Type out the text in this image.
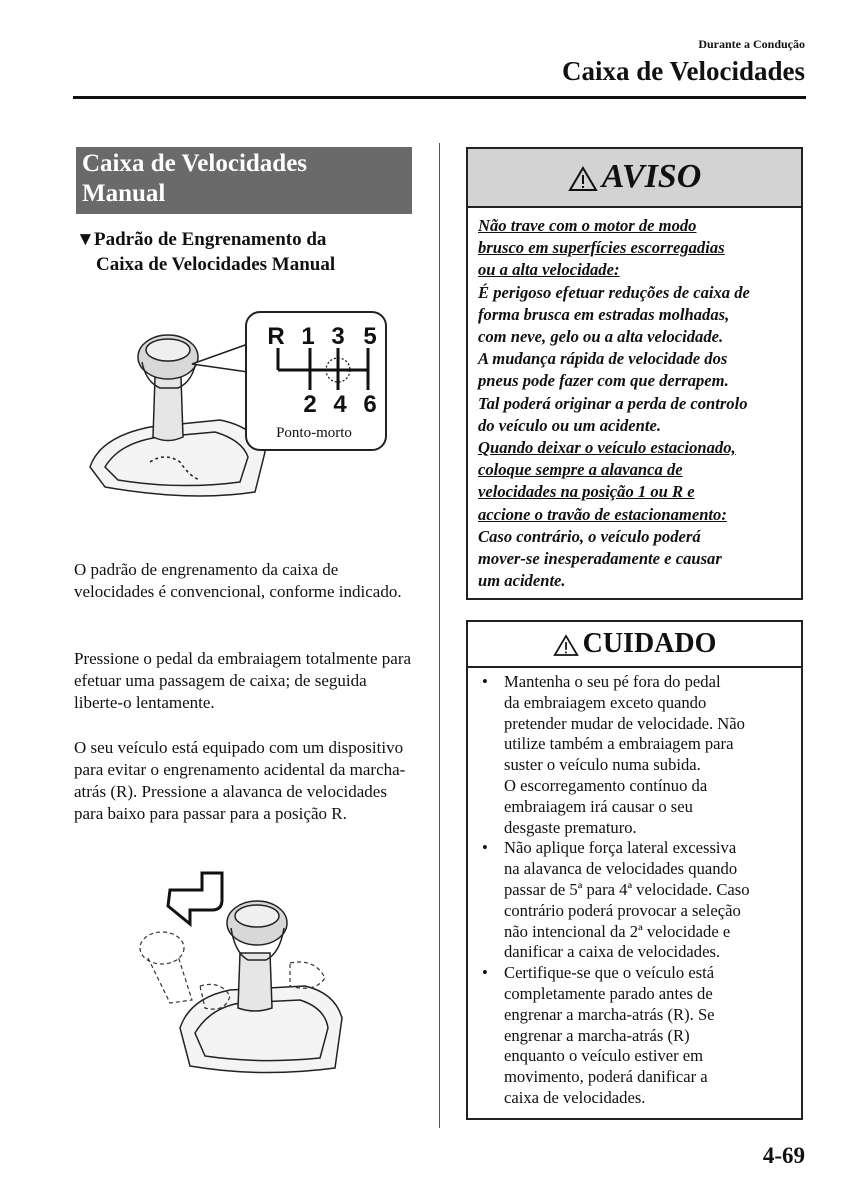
Durante a Condução
Caixa de Velocidades
Caixa de Velocidades
Manual
▼Padrão de Engrenamento da
Caixa de Velocidades Manual
R 1 3 5
2 4 6
Ponto-morto
O padrão de engrenamento da caixa de velocidades é convencional, conforme indicado.
Pressione o pedal da embraiagem totalmente para efetuar uma passagem de caixa; de seguida liberte-o lentamente.
O seu veículo está equipado com um dispositivo para evitar o engrenamento acidental da marcha-atrás (R). Pressione a alavanca de velocidades para baixo para passar para a posição R.
AVISO
Não trave com o motor de modo
brusco em superfícies escorregadias
ou a alta velocidade:
É perigoso efetuar reduções de caixa de
forma brusca em estradas molhadas,
com neve, gelo ou a alta velocidade.
A mudança rápida de velocidade dos
pneus pode fazer com que derrapem.
Tal poderá originar a perda de controlo
do veículo ou um acidente.
Quando deixar o veículo estacionado,
coloque sempre a alavanca de
velocidades na posição 1 ou R e
accione o travão de estacionamento:
Caso contrário, o veículo poderá
mover-se inesperadamente e causar
um acidente.
CUIDADO
• Mantenha o seu pé fora do pedal
da embraiagem exceto quando
pretender mudar de velocidade. Não
utilize também a embraiagem para
suster o veículo numa subida.
O escorregamento contínuo da
embraiagem irá causar o seu
desgaste prematuro.
• Não aplique força lateral excessiva
na alavanca de velocidades quando
passar de 5ª para 4ª velocidade. Caso
contrário poderá provocar a seleção
não intencional da 2ª velocidade e
danificar a caixa de velocidades.
• Certifique-se que o veículo está
completamente parado antes de
engrenar a marcha-atrás (R). Se
engrenar a marcha-atrás (R)
enquanto o veículo estiver em
movimento, poderá danificar a
caixa de velocidades.
4-69
